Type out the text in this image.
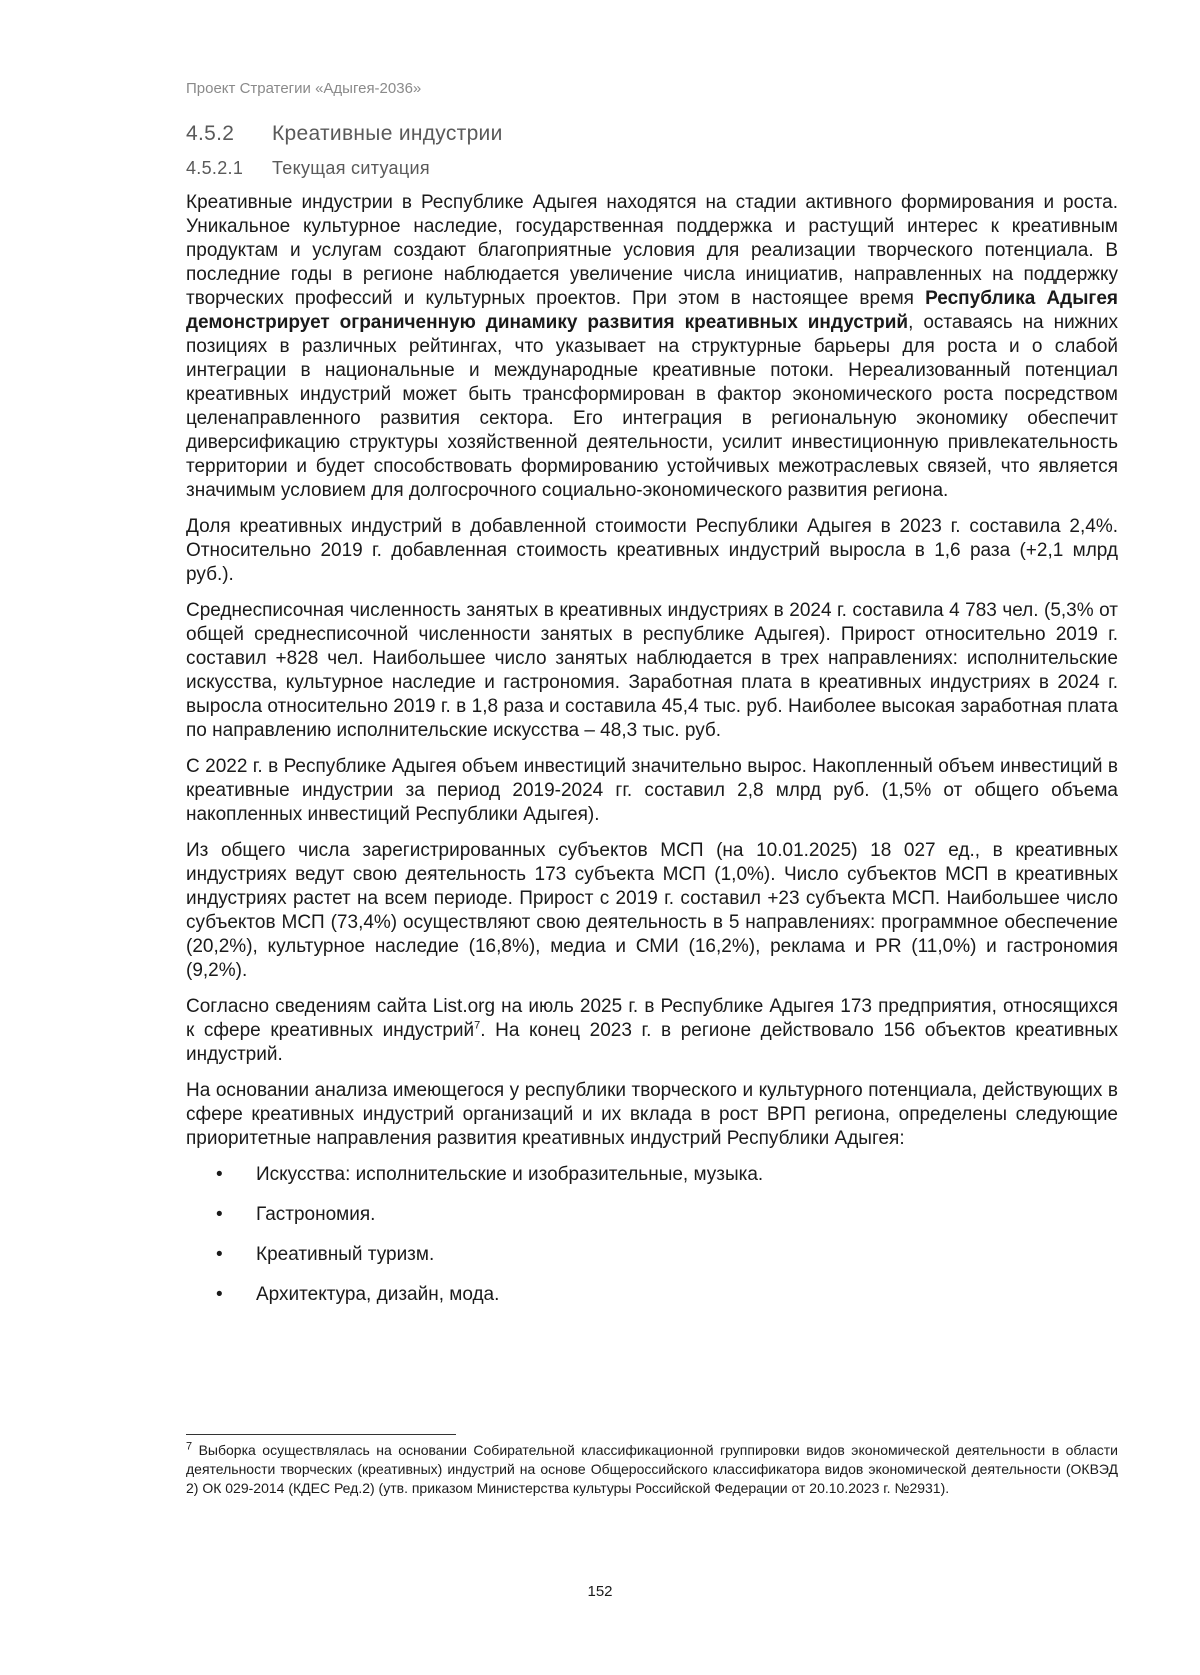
Проект Стратегии «Адыгея-2036»
4.5.2 Креативные индустрии
4.5.2.1 Текущая ситуация

Креативные индустрии в Республике Адыгея находятся на стадии активного формирования и роста. Уникальное культурное наследие, государственная поддержка и растущий интерес к креативным продуктам и услугам создают благоприятные условия для реализации творческого потенциала. В последние годы в регионе наблюдается увеличение числа инициатив, направленных на поддержку творческих профессий и культурных проектов. При этом в настоящее время Республика Адыгея демонстрирует ограниченную динамику развития креативных индустрий, оставаясь на нижних позициях в различных рейтингах, что указывает на структурные барьеры для роста и о слабой интеграции в национальные и международные креативные потоки. Нереализованный потенциал креативных индустрий может быть трансформирован в фактор экономического роста посредством целенаправленного развития сектора. Его интеграция в региональную экономику обеспечит диверсификацию структуры хозяйственной деятельности, усилит инвестиционную привлекательность территории и будет способствовать формированию устойчивых межотраслевых связей, что является значимым условием для долгосрочного социально-экономического развития региона.

Доля креативных индустрий в добавленной стоимости Республики Адыгея в 2023 г. составила 2,4%. Относительно 2019 г. добавленная стоимость креативных индустрий выросла в 1,6 раза (+2,1 млрд руб.).

Среднесписочная численность занятых в креативных индустриях в 2024 г. составила 4 783 чел. (5,3% от общей среднесписочной численности занятых в республике Адыгея). Прирост относительно 2019 г. составил +828 чел. Наибольшее число занятых наблюдается в трех направлениях: исполнительские искусства, культурное наследие и гастрономия. Заработная плата в креативных индустриях в 2024 г. выросла относительно 2019 г. в 1,8 раза и составила 45,4 тыс. руб. Наиболее высокая заработная плата по направлению исполнительские искусства – 48,3 тыс. руб.

С 2022 г. в Республике Адыгея объем инвестиций значительно вырос. Накопленный объем инвестиций в креативные индустрии за период 2019-2024 гг. составил 2,8 млрд руб. (1,5% от общего объема накопленных инвестиций Республики Адыгея).

Из общего числа зарегистрированных субъектов МСП (на 10.01.2025) 18 027 ед., в креативных индустриях ведут свою деятельность 173 субъекта МСП (1,0%). Число субъектов МСП в креативных индустриях растет на всем периоде. Прирост с 2019 г. составил +23 субъекта МСП. Наибольшее число субъектов МСП (73,4%) осуществляют свою деятельность в 5 направлениях: программное обеспечение (20,2%), культурное наследие (16,8%), медиа и СМИ (16,2%), реклама и PR (11,0%) и гастрономия (9,2%).

Согласно сведениям сайта List.org на июль 2025 г. в Республике Адыгея 173 предприятия, относящихся к сфере креативных индустрий$^7$. На конец 2023 г. в регионе действовало 156 объектов креативных индустрий.

На основании анализа имеющегося у республики творческого и культурного потенциала, действующих в сфере креативных индустрий организаций и их вклада в рост ВРП региона, определены следующие приоритетные направления развития креативных индустрий Республики Адыгея:

• Искусства: исполнительские и изобразительные, музыка.
• Гастрономия.
• Креативный туризм.
• Архитектура, дизайн, мода.
$^7$ Выборка осуществлялась на основании Собирательной классификационной группировки видов экономической деятельности в области деятельности творческих (креативных) индустрий на основе Общероссийского классификатора видов экономической деятельности (ОКВЭД 2) ОК 029-2014 (КДЕС Ред.2) (утв. приказом Министерства культуры Российской Федерации от 20.10.2023 г. №2931).
152
